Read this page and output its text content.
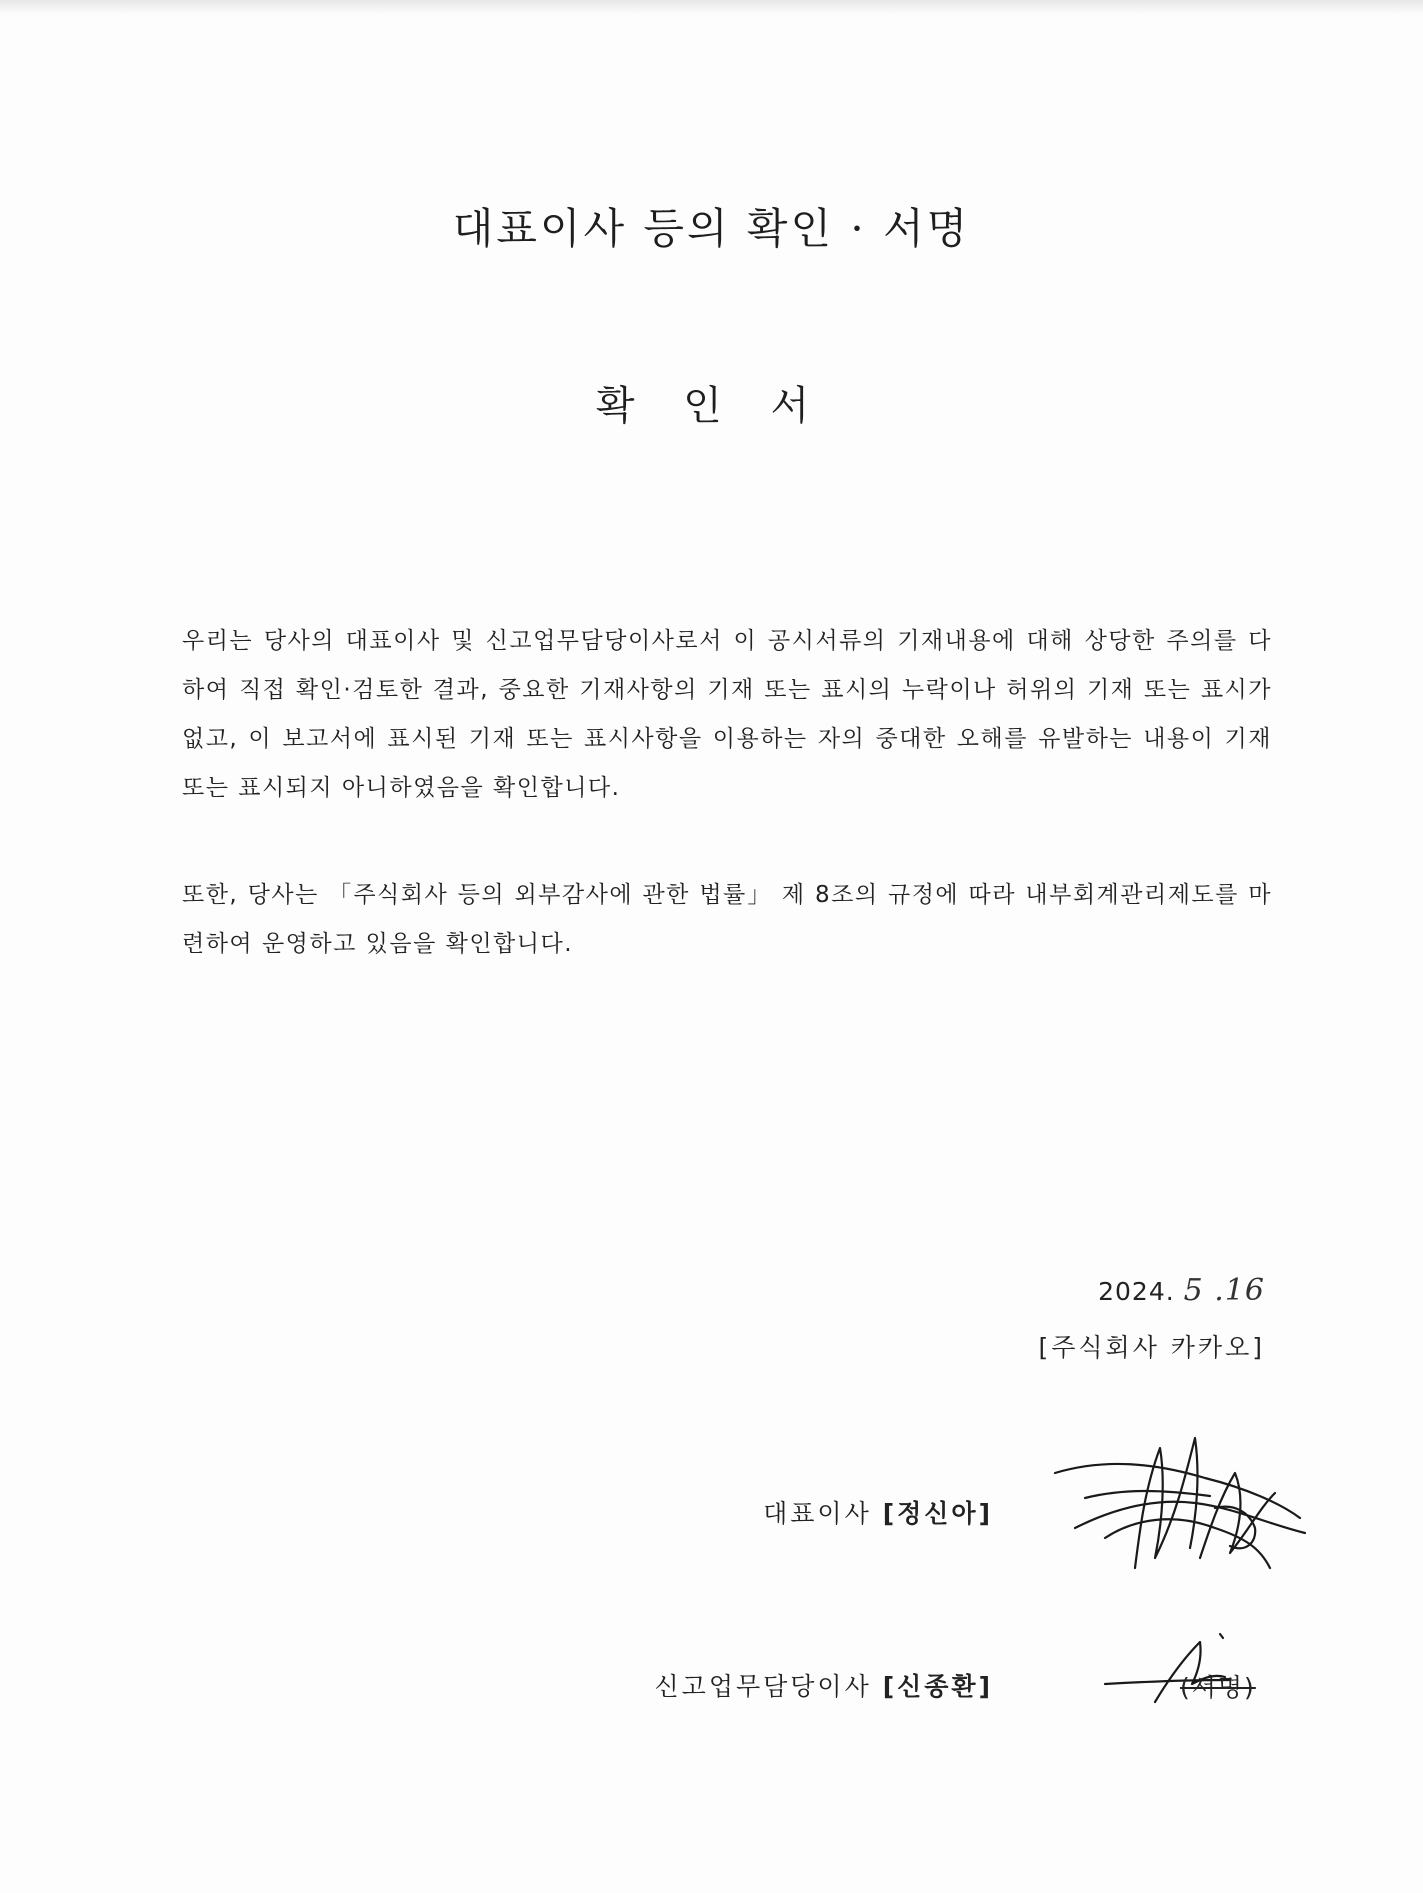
대표이사 등의 확인 · 서명
확 인 서

우리는 당사의 대표이사 및 신고업무담당이사로서 이 공시서류의 기재내용에 대해 상당한 주의를 다하여 직접 확인·검토한 결과, 중요한 기재사항의 기재 또는 표시의 누락이나 허위의 기재 또는 표시가 없고, 이 보고서에 표시된 기재 또는 표시사항을 이용하는 자의 중대한 오해를 유발하는 내용이 기재 또는 표시되지 아니하였음을 확인합니다.

또한, 당사는 「주식회사 등의 외부감사에 관한 법률」 제 8조의 규정에 따라 내부회계관리제도를 마련하여 운영하고 있음을 확인합니다.

2024. 5 .16
[주식회사 카카오]
대표이사 [정신아]
신고업무담당이사 [신종환]	(서명)
